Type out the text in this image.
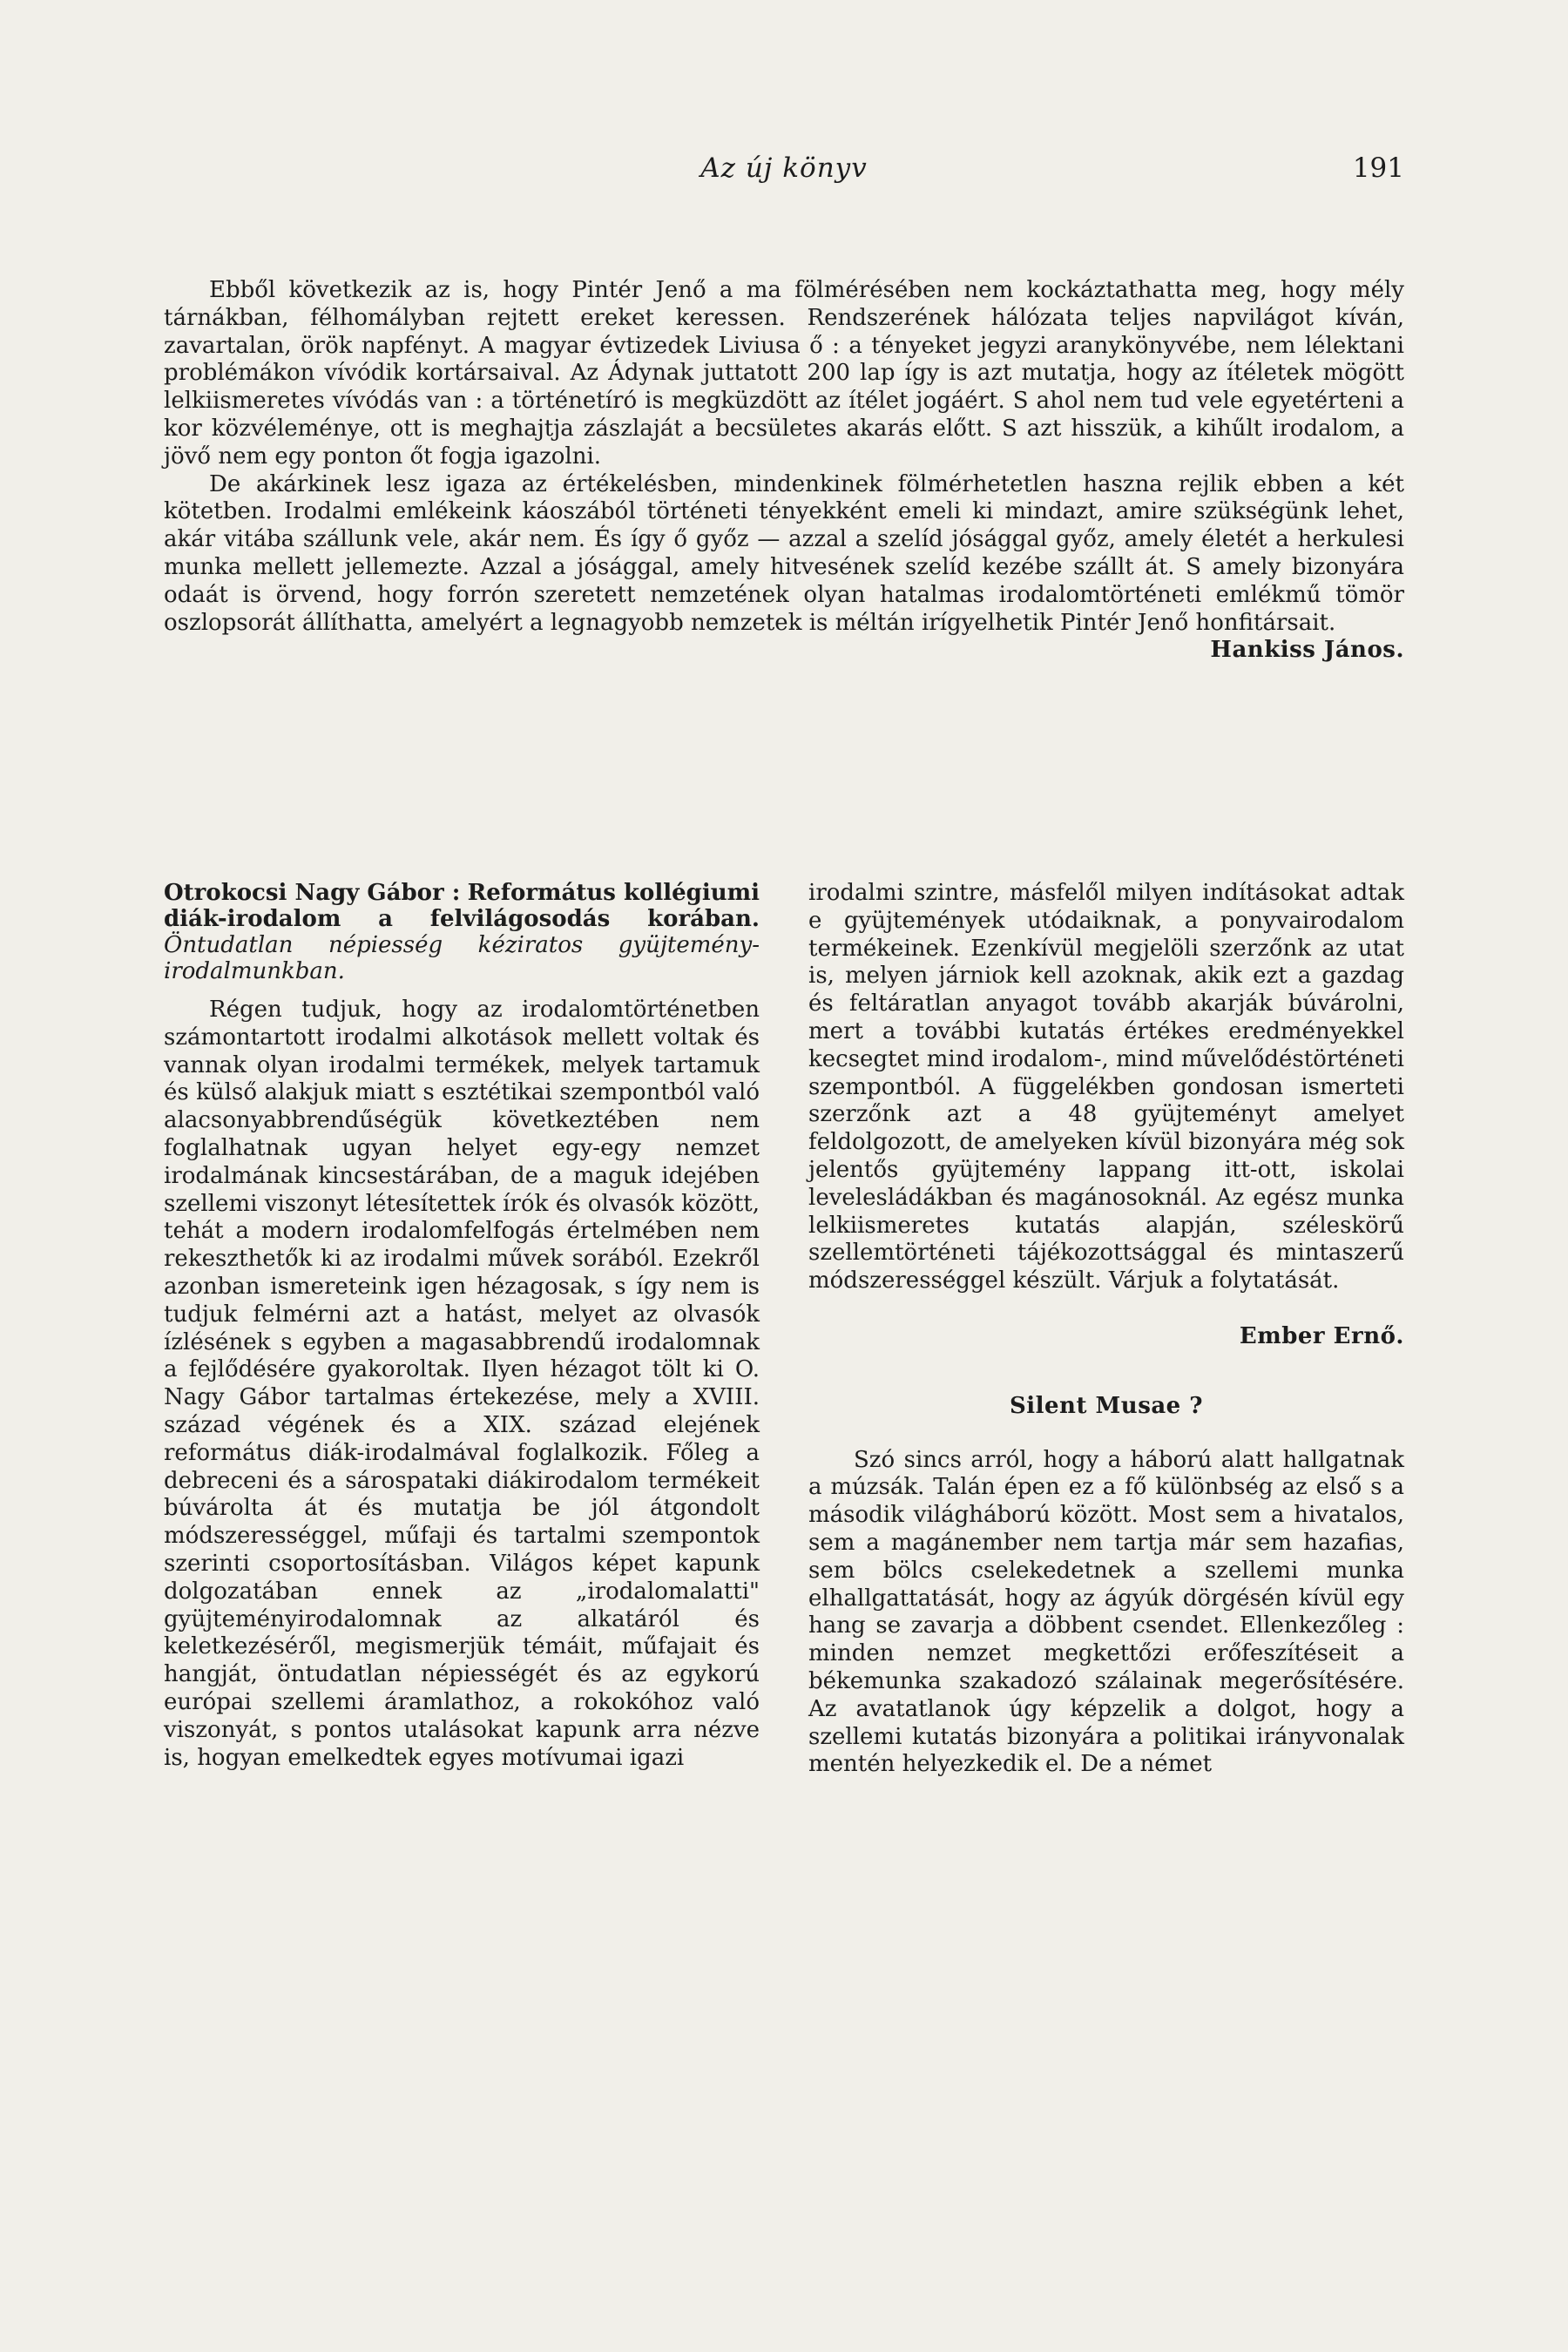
Az új könyv	191

Ebből következik az is, hogy Pintér Jenő a ma fölmérésében nem kockáztathatta meg, hogy mély tárnákban, félhomályban rejtett ereket keressen. Rendszerének hálózata teljes napvilágot kíván, zavartalan, örök napfényt. A magyar évtizedek Liviusa ő : a tényeket jegyzi aranykönyvébe, nem lélektani problémákon vívódik kortársaival. Az Ádynak juttatott 200 lap így is azt mutatja, hogy az ítéletek mögött lelkiismeretes vívódás van : a történetíró is megküzdött az ítélet jogáért. S ahol nem tud vele egyetérteni a kor közvéleménye, ott is meghajtja zászlaját a becsületes akarás előtt. S azt hisszük, a kihűlt irodalom, a jövő nem egy ponton őt fogja igazolni.

De akárkinek lesz igaza az értékelésben, mindenkinek fölmérhetetlen haszna rejlik ebben a két kötetben. Irodalmi emlékeink káoszából történeti tényekként emeli ki mindazt, amire szükségünk lehet, akár vitába szállunk vele, akár nem. És így ő győz — azzal a szelíd jósággal győz, amely életét a herkulesi munka mellett jellemezte. Azzal a jósággal, amely hitvesének szelíd kezébe szállt át. S amely bizonyára odaát is örvend, hogy forrón szeretett nemzetének olyan hatalmas irodalomtörténeti emlékmű tömör oszlopsorát állíthatta, amelyért a legnagyobb nemzetek is méltán irígyelhetik Pintér Jenő honfitársait.

Hankiss János.
Otrokocsi Nagy Gábor : Református kollégiumi diák-irodalom a felvilágosodás korában. Öntudatlan népiesség kéziratos gyüjtemény-irodalmunkban.

Régen tudjuk, hogy az irodalomtörténetben számontartott irodalmi alkotások mellett voltak és vannak olyan irodalmi termékek, melyek tartamuk és külső alakjuk miatt s esztétikai szempontból való alacsonyabbrendűségük következtében nem foglalhatnak ugyan helyet egy-egy nemzet irodalmának kincsestárában, de a maguk idejében szellemi viszonyt létesítettek írók és olvasók között, tehát a modern irodalomfelfogás értelmében nem rekeszthetők ki az irodalmi művek sorából. Ezekről azonban ismereteink igen hézagosak, s így nem is tudjuk felmérni azt a hatást, melyet az olvasók ízlésének s egyben a magasabbrendű irodalomnak a fejlődésére gyakoroltak. Ilyen hézagot tölt ki O. Nagy Gábor tartalmas értekezése, mely a XVIII. század végének és a XIX. század elejének református diák-irodalmával foglalkozik. Főleg a debreceni és a sárospataki diákirodalom termékeit búvárolta át és mutatja be jól átgondolt módszerességgel, műfaji és tartalmi szempontok szerinti csoportosításban. Világos képet kapunk dolgozatában ennek az „irodalomalatti" gyüjteményirodalomnak az alkatáról és keletkezéséről, megismerjük témáit, műfajait és hangját, öntudatlan népiességét és az egykorú európai szellemi áramlathoz, a rokokóhoz való viszonyát, s pontos utalásokat kapunk arra nézve is, hogyan emelkedtek egyes motívumai igazi

irodalmi szintre, másfelől milyen indításokat adtak e gyüjtemények utódaiknak, a ponyvairodalom termékeinek. Ezenkívül megjelöli szerzőnk az utat is, melyen járniok kell azoknak, akik ezt a gazdag és feltáratlan anyagot tovább akarják búvárolni, mert a további kutatás értékes eredményekkel kecsegtet mind irodalom-, mind művelődéstörténeti szempontból. A függelékben gondosan ismerteti szerzőnk azt a 48 gyüjteményt amelyet feldolgozott, de amelyeken kívül bizonyára még sok jelentős gyüjtemény lappang itt-ott, iskolai levelesládákban és magánosoknál. Az egész munka lelkiismeretes kutatás alapján, széleskörű szellemtörténeti tájékozottsággal és mintaszerű módszerességgel készült. Várjuk a folytatását.

Ember Ernő.
Silent Musae ?

Szó sincs arról, hogy a háború alatt hallgatnak a múzsák. Talán épen ez a fő különbség az első s a második világháború között. Most sem a hivatalos, sem a magánember nem tartja már sem hazafias, sem bölcs cselekedetnek a szellemi munka elhallgattatását, hogy az ágyúk dörgésén kívül egy hang se zavarja a döbbent csendet. Ellenkezőleg : minden nemzet megkettőzi erőfeszítéseit a békemunka szakadozó szálainak megerősítésére. Az avatatlanok úgy képzelik a dolgot, hogy a szellemi kutatás bizonyára a politikai irányvonalak mentén helyezkedik el. De a német
